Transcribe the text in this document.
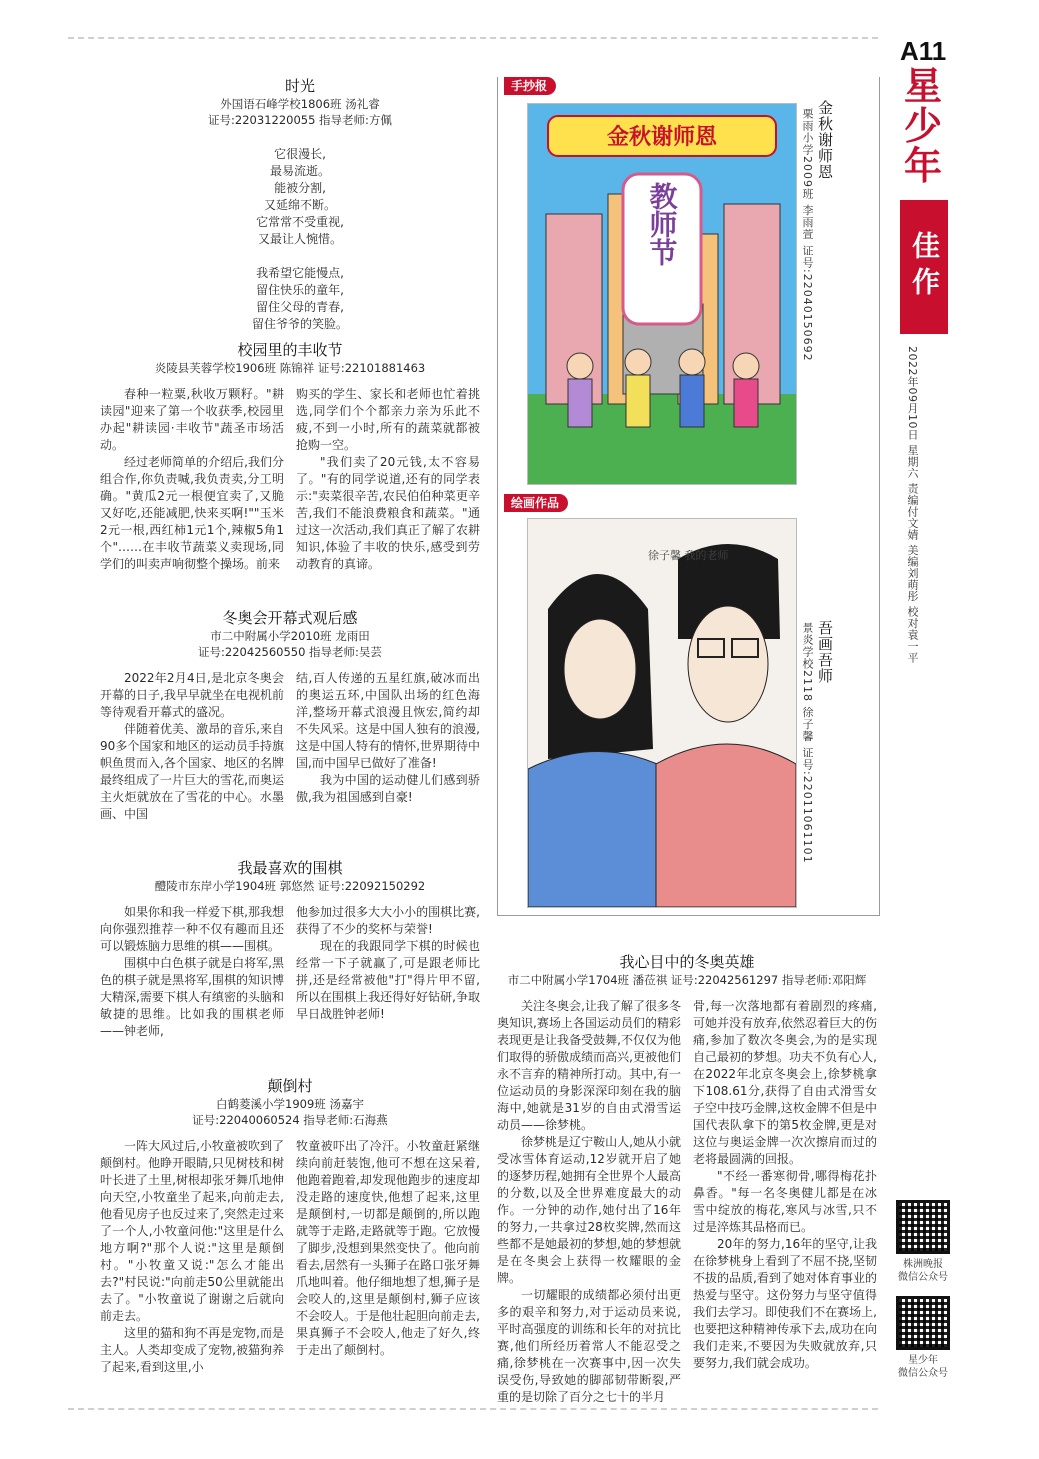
时光
外国语石峰学校1806班 汤礼睿
证号:22031220055 指导老师:方佩
它很漫长,
最易流逝。
能被分割,
又延绵不断。
它常常不受重视,
又最让人惋惜。
我希望它能慢点,
留住快乐的童年,
留住父母的青春,
留住爷爷的笑脸。
校园里的丰收节
炎陵县芙蓉学校1906班 陈锦祥 证号:22101881463

春种一粒粟,秋收万颗籽。"耕读园"迎来了第一个收获季,校园里办起"耕读园·丰收节"蔬圣市场活动。

经过老师简单的介绍后,我们分组合作,你负责喊,我负责卖,分工明确。"黄瓜2元一根便宜卖了,又脆又好吃,还能减肥,快来买啊!""玉米2元一根,西红柿1元1个,辣椒5角1个"……在丰收节蔬菜义卖现场,同学们的叫卖声响彻整个操场。前来

购买的学生、家长和老师也忙着挑选,同学们个个都亲力亲为乐此不疲,不到一小时,所有的蔬菜就都被抢购一空。

"我们卖了20元钱,太不容易了。"有的同学说道,还有的同学表示:"卖菜很辛苦,农民伯伯种菜更辛苦,我们不能浪费粮食和蔬菜。"通过这一次活动,我们真正了解了农耕知识,体验了丰收的快乐,感受到劳动教育的真谛。

冬奥会开幕式观后感
市二中附属小学2010班 龙雨田
证号:22042560550 指导老师:吴芸

2022年2月4日,是北京冬奥会开幕的日子,我早早就坐在电视机前等待观看开幕式的盛况。

伴随着优美、激昂的音乐,来自90多个国家和地区的运动员手持旗帜鱼贯而入,各个国家、地区的名牌最终组成了一片巨大的雪花,而奥运主火炬就放在了雪花的中心。水墨画、中国

结,百人传递的五星红旗,破冰而出的奥运五环,中国队出场的红色海洋,整场开幕式浪漫且恢宏,简约却不失风采。这是中国人独有的浪漫,这是中国人特有的情怀,世界期待中国,而中国早已做好了准备!

我为中国的运动健儿们感到骄傲,我为祖国感到自豪!

我最喜欢的围棋
醴陵市东岸小学1904班 郭悠然 证号:22092150292

如果你和我一样爱下棋,那我想向你强烈推荐一种不仅有趣而且还可以锻炼脑力思维的棋——围棋。

围棋中白色棋子就是白将军,黑色的棋子就是黑将军,围棋的知识博大精深,需要下棋人有缜密的头脑和敏捷的思维。比如我的围棋老师——钟老师,

他参加过很多大大小小的围棋比赛,获得了不少的奖杯与荣誉!

现在的我跟同学下棋的时候也经常一下子就赢了,可是跟老师比拼,还是经常被他"打"得片甲不留,所以在围棋上我还得好好钻研,争取早日战胜钟老师!

颠倒村
白鹤菱溪小学1909班 汤嘉宇
证号:22040060524 指导老师:石海燕

一阵大风过后,小牧童被吹到了颠倒村。他睁开眼睛,只见树枝和树叶长进了土里,树根却张牙舞爪地伸向天空,小牧童坐了起来,向前走去,他看见房子也反过来了,突然走过来了一个人,小牧童问他:"这里是什么地方啊?"那个人说:"这里是颠倒村。"小牧童又说:"怎么才能出去?"村民说:"向前走50公里就能出去了。"小牧童说了谢谢之后就向前走去。

这里的猫和狗不再是宠物,而是主人。人类却变成了宠物,被猫狗养了起来,看到这里,小

牧童被吓出了冷汗。小牧童赶紧继续向前赶装饱,他可不想在这呆着,他跑着跑着,却发现他跑步的速度却没走路的速度快,他想了起来,这里是颠倒村,一切都是颠倒的,所以跑就等于走路,走路就等于跑。它放慢了脚步,没想到果然变快了。他向前看去,居然有一头狮子在路口张牙舞爪地叫着。他仔细地想了想,狮子是会咬人的,这里是颠倒村,狮子应该不会咬人。于是他壮起胆向前走去,果真狮子不会咬人,他走了好久,终于走出了颠倒村。

手抄报
金秋谢师恩
教师节
金秋谢师恩
栗雨小学2009班 李雨萱 证号:22040150692
绘画作品
徐子馨 我的老师
吾画吾师
景炎学校2118 徐子馨 证号:22011061101
我心目中的冬奥英雄
市二中附属小学1704班 潘莅祺 证号:22042561297 指导老师:邓阳辉

关注冬奥会,让我了解了很多冬奥知识,赛场上各国运动员们的精彩表现更是让我备受鼓舞,不仅仅为他们取得的骄傲成绩而高兴,更被他们永不言弃的精神所打动。其中,有一位运动员的身影深深印刻在我的脑海中,她就是31岁的自由式滑雪运动员——徐梦桃。

徐梦桃是辽宁鞍山人,她从小就受冰雪体育运动,12岁就开启了她的逐梦历程,她拥有全世界个人最高的分数,以及全世界难度最大的动作。一分钟的动作,她付出了16年的努力,一共拿过28枚奖牌,然而这些都不是她最初的梦想,她的梦想就是在冬奥会上获得一枚耀眼的金牌。

一切耀眼的成绩都必须付出更多的艰辛和努力,对于运动员来说,平时高强度的训练和长年的对抗比赛,他们所经历着常人不能忍受之痛,徐梦桃在一次赛事中,因一次失误受伤,导致她的脚部韧带断裂,严重的是切除了百分之七十的半月

骨,每一次落地都有着剧烈的疼痛,可她并没有放弃,依然忍着巨大的伤痛,参加了数次冬奥会,为的是实现自己最初的梦想。功夫不负有心人,在2022年北京冬奥会上,徐梦桃拿下108.61分,获得了自由式滑雪女子空中技巧金牌,这枚金牌不但是中国代表队拿下的第5枚金牌,更是对这位与奥运金牌一次次擦肩而过的老将最圆满的回报。

"不经一番寒彻骨,哪得梅花扑鼻香。"每一名冬奥健儿都是在冰雪中绽放的梅花,寒风与冰雪,只不过是淬炼其品格而已。

20年的努力,16年的坚守,让我在徐梦桃身上看到了不屈不挠,坚韧不拔的品质,看到了她对体育事业的热爱与坚守。这份努力与坚守值得我们去学习。即使我们不在赛场上,也要把这种精神传承下去,成功在向我们走来,不要因为失败就放弃,只要努力,我们就会成功。

A11
星少年
佳作
2022年09月10日 星期六 责编付文婧 美编刘萌彤 校对袁一平
株洲晚报
微信公众号
星少年
微信公众号
